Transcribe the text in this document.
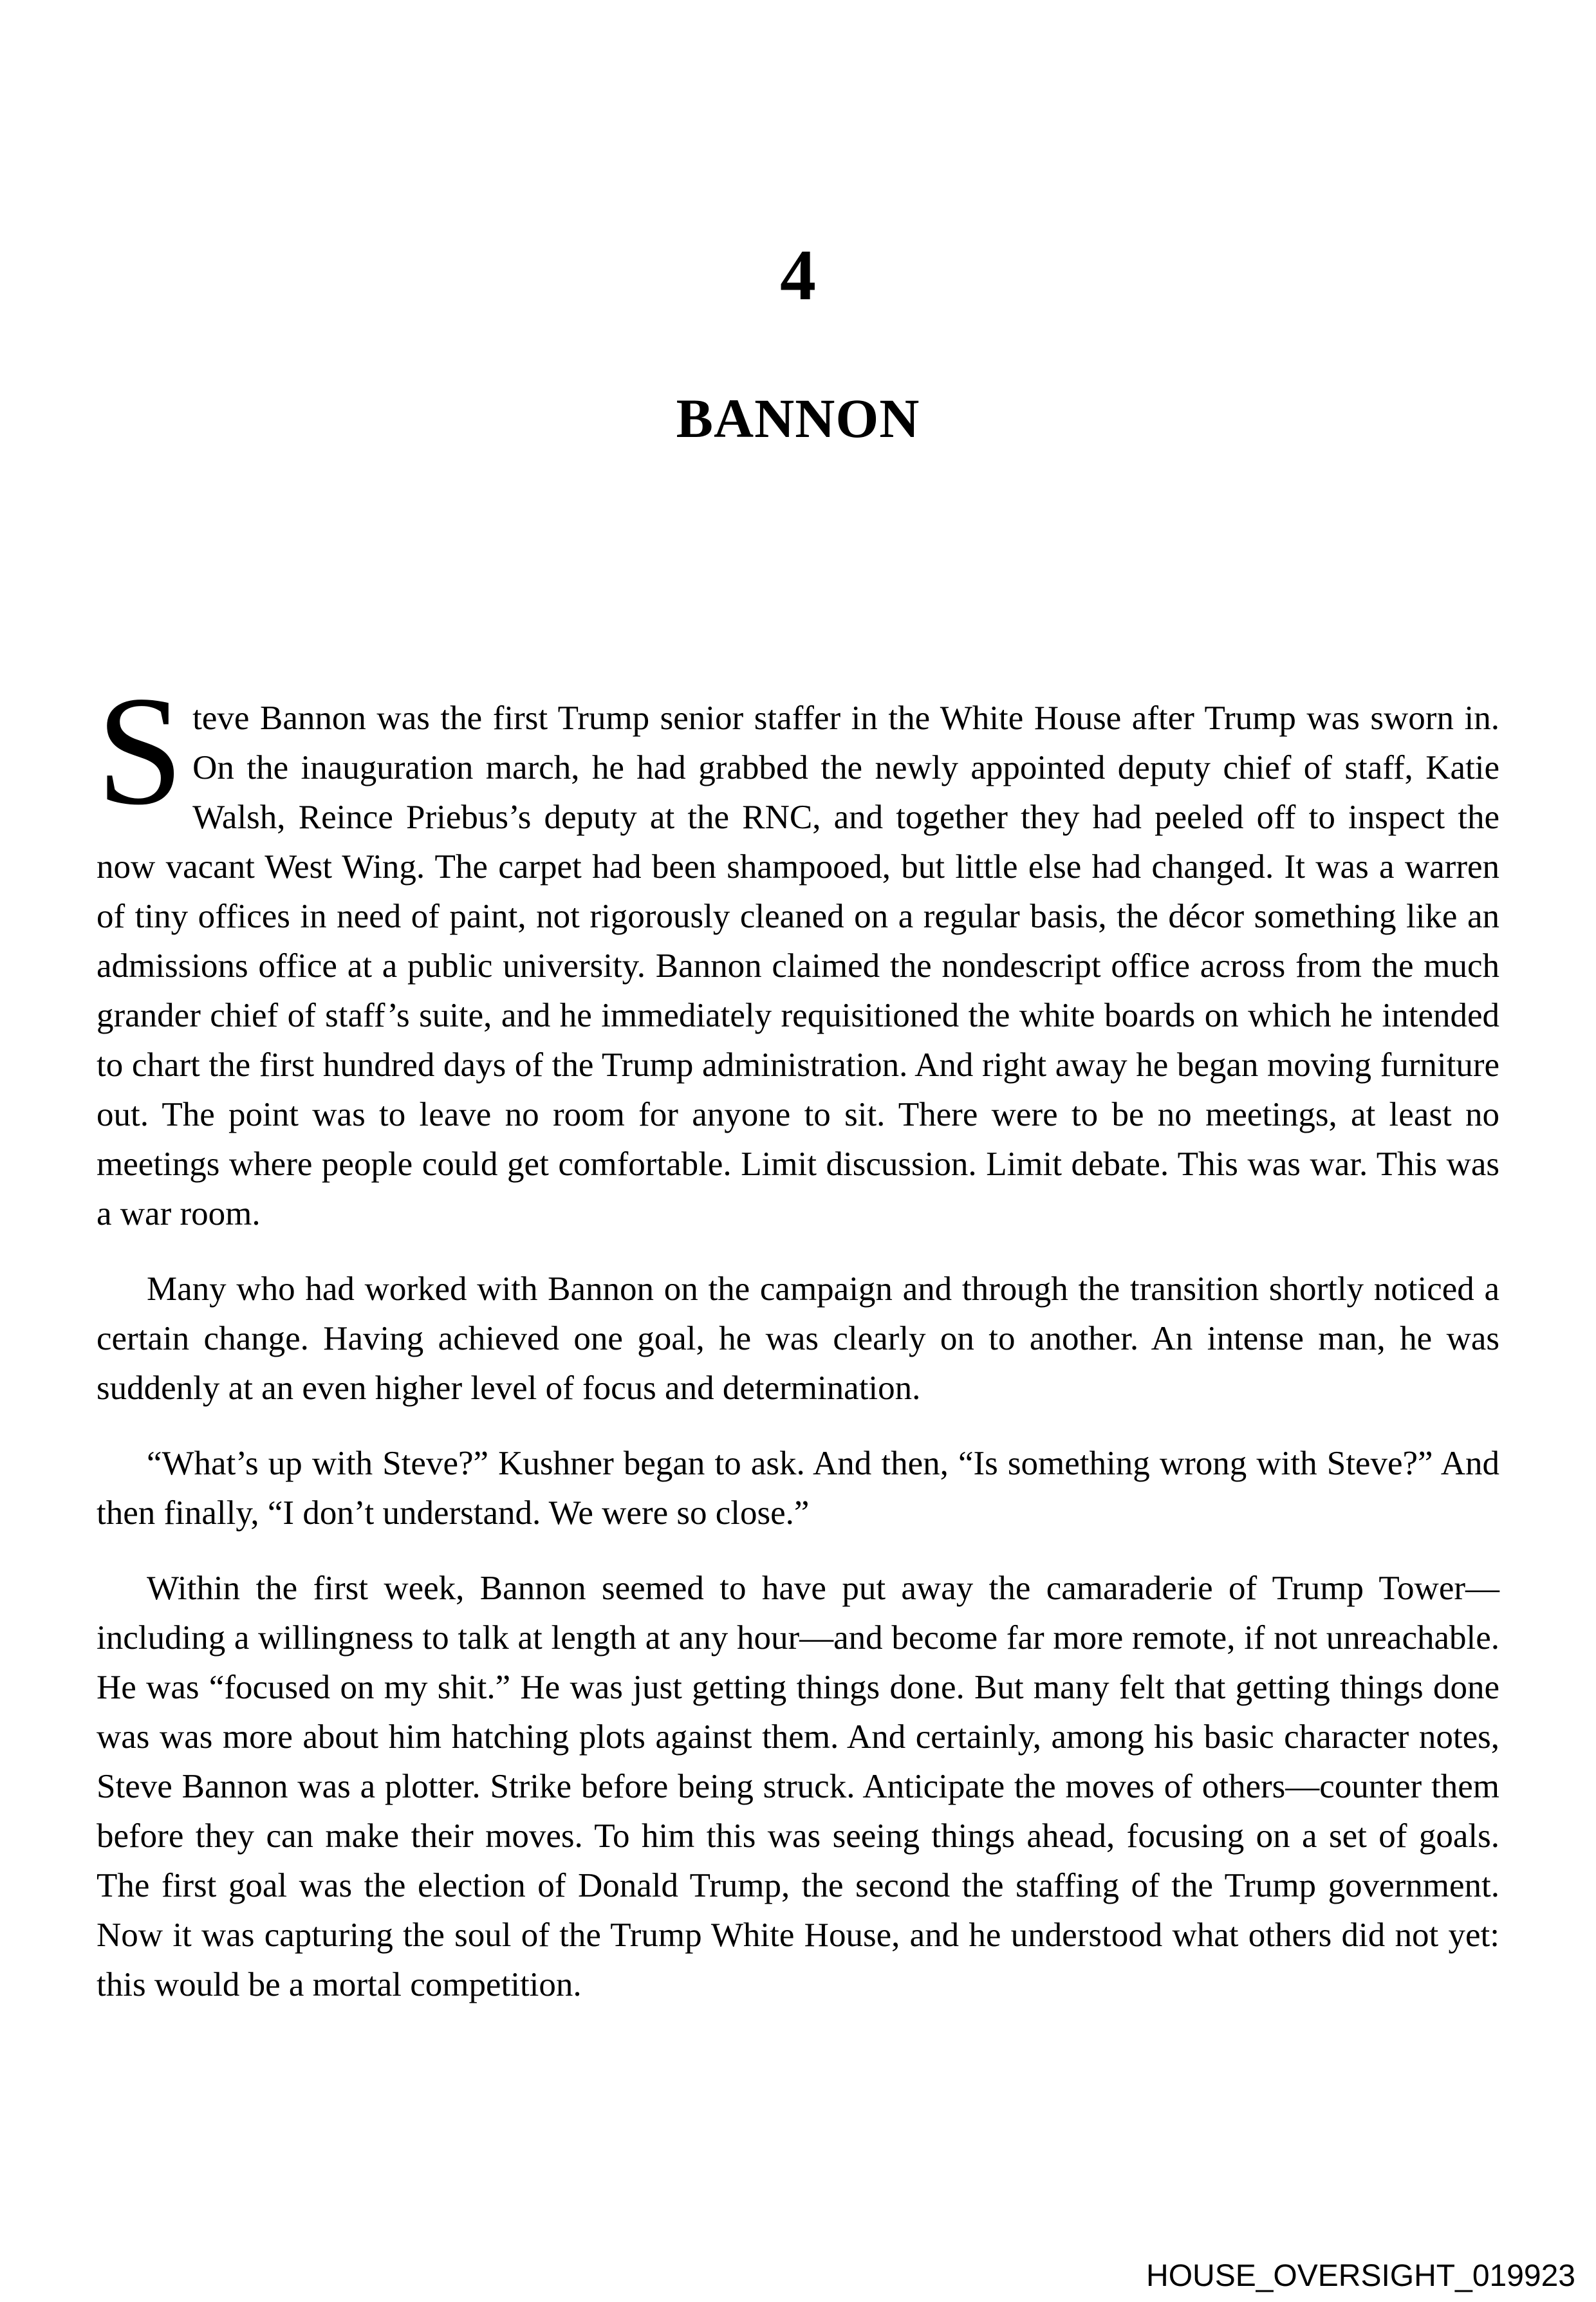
4
BANNON

Steve Bannon was the first Trump senior staffer in the White House after Trump was sworn in. On the inauguration march, he had grabbed the newly appointed deputy chief of staff, Katie Walsh, Reince Priebus’s deputy at the RNC, and together they had peeled off to inspect the now vacant West Wing. The carpet had been shampooed, but little else had changed. It was a warren of tiny offices in need of paint, not rigorously cleaned on a regular basis, the décor something like an admissions office at a public university. Bannon claimed the nondescript office across from the much grander chief of staff’s suite, and he immediately requisitioned the white boards on which he intended to chart the first hundred days of the Trump administration. And right away he began moving furniture out. The point was to leave no room for anyone to sit. There were to be no meetings, at least no meetings where people could get comfortable. Limit discussion. Limit debate. This was war. This was a war room.

Many who had worked with Bannon on the campaign and through the transition shortly noticed a certain change. Having achieved one goal, he was clearly on to another. An intense man, he was suddenly at an even higher level of focus and determination.

“What’s up with Steve?” Kushner began to ask. And then, “Is something wrong with Steve?” And then finally, “I don’t understand. We were so close.”

Within the first week, Bannon seemed to have put away the camaraderie of Trump Tower—including a willingness to talk at length at any hour—and become far more remote, if not unreachable. He was “focused on my shit.” He was just getting things done. But many felt that getting things done was was more about him hatching plots against them. And certainly, among his basic character notes, Steve Bannon was a plotter. Strike before being struck. Anticipate the moves of others—counter them before they can make their moves. To him this was seeing things ahead, focusing on a set of goals. The first goal was the election of Donald Trump, the second the staffing of the Trump government. Now it was capturing the soul of the Trump White House, and he understood what others did not yet: this would be a mortal competition.

HOUSE_OVERSIGHT_019923
